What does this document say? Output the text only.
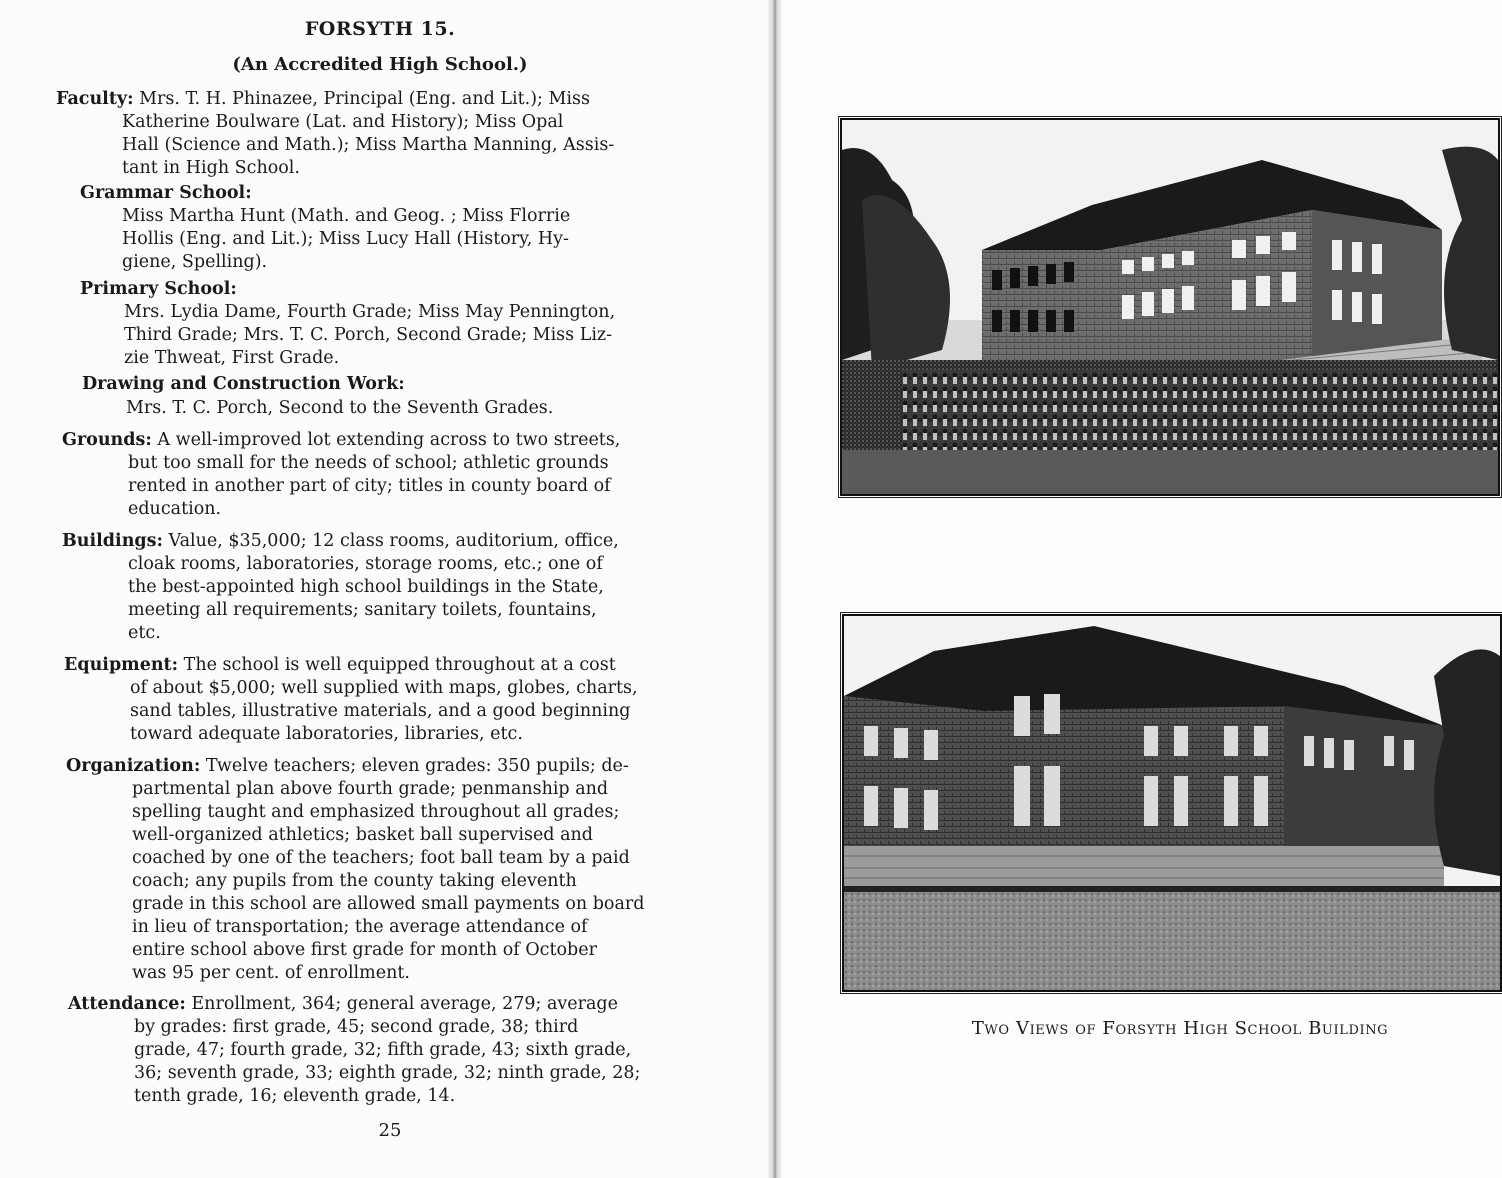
FORSYTH 15.
(An Accredited High School.)
Faculty: Mrs. T. H. Phinazee, Principal (Eng. and Lit.); Miss
Katherine Boulware (Lat. and History); Miss Opal
Hall (Science and Math.); Miss Martha Manning, Assis-
tant in High School.
Grammar School:
Miss Martha Hunt (Math. and Geog. ; Miss Florrie
Hollis (Eng. and Lit.); Miss Lucy Hall (History, Hy-
giene, Spelling).
Primary School:
Mrs. Lydia Dame, Fourth Grade; Miss May Pennington,
Third Grade; Mrs. T. C. Porch, Second Grade; Miss Liz-
zie Thweat, First Grade.
Drawing and Construction Work:
Mrs. T. C. Porch, Second to the Seventh Grades.
Grounds: A well-improved lot extending across to two streets,
but too small for the needs of school; athletic grounds
rented in another part of city; titles in county board of
education.
Buildings: Value, $35,000; 12 class rooms, auditorium, office,
cloak rooms, laboratories, storage rooms, etc.; one of
the best-appointed high school buildings in the State,
meeting all requirements; sanitary toilets, fountains,
etc.
Equipment: The school is well equipped throughout at a cost
of about $5,000; well supplied with maps, globes, charts,
sand tables, illustrative materials, and a good beginning
toward adequate laboratories, libraries, etc.
Organization: Twelve teachers; eleven grades: 350 pupils; de-
partmental plan above fourth grade; penmanship and
spelling taught and emphasized throughout all grades;
well-organized athletics; basket ball supervised and
coached by one of the teachers; foot ball team by a paid
coach; any pupils from the county taking eleventh
grade in this school are allowed small payments on board
in lieu of transportation; the average attendance of
entire school above first grade for month of October
was 95 per cent. of enrollment.
Attendance: Enrollment, 364; general average, 279; average
by grades: first grade, 45; second grade, 38; third
grade, 47; fourth grade, 32; fifth grade, 43; sixth grade,
36; seventh grade, 33; eighth grade, 32; ninth grade, 28;
tenth grade, 16; eleventh grade, 14.
25
Two Views of Forsyth High School Building
